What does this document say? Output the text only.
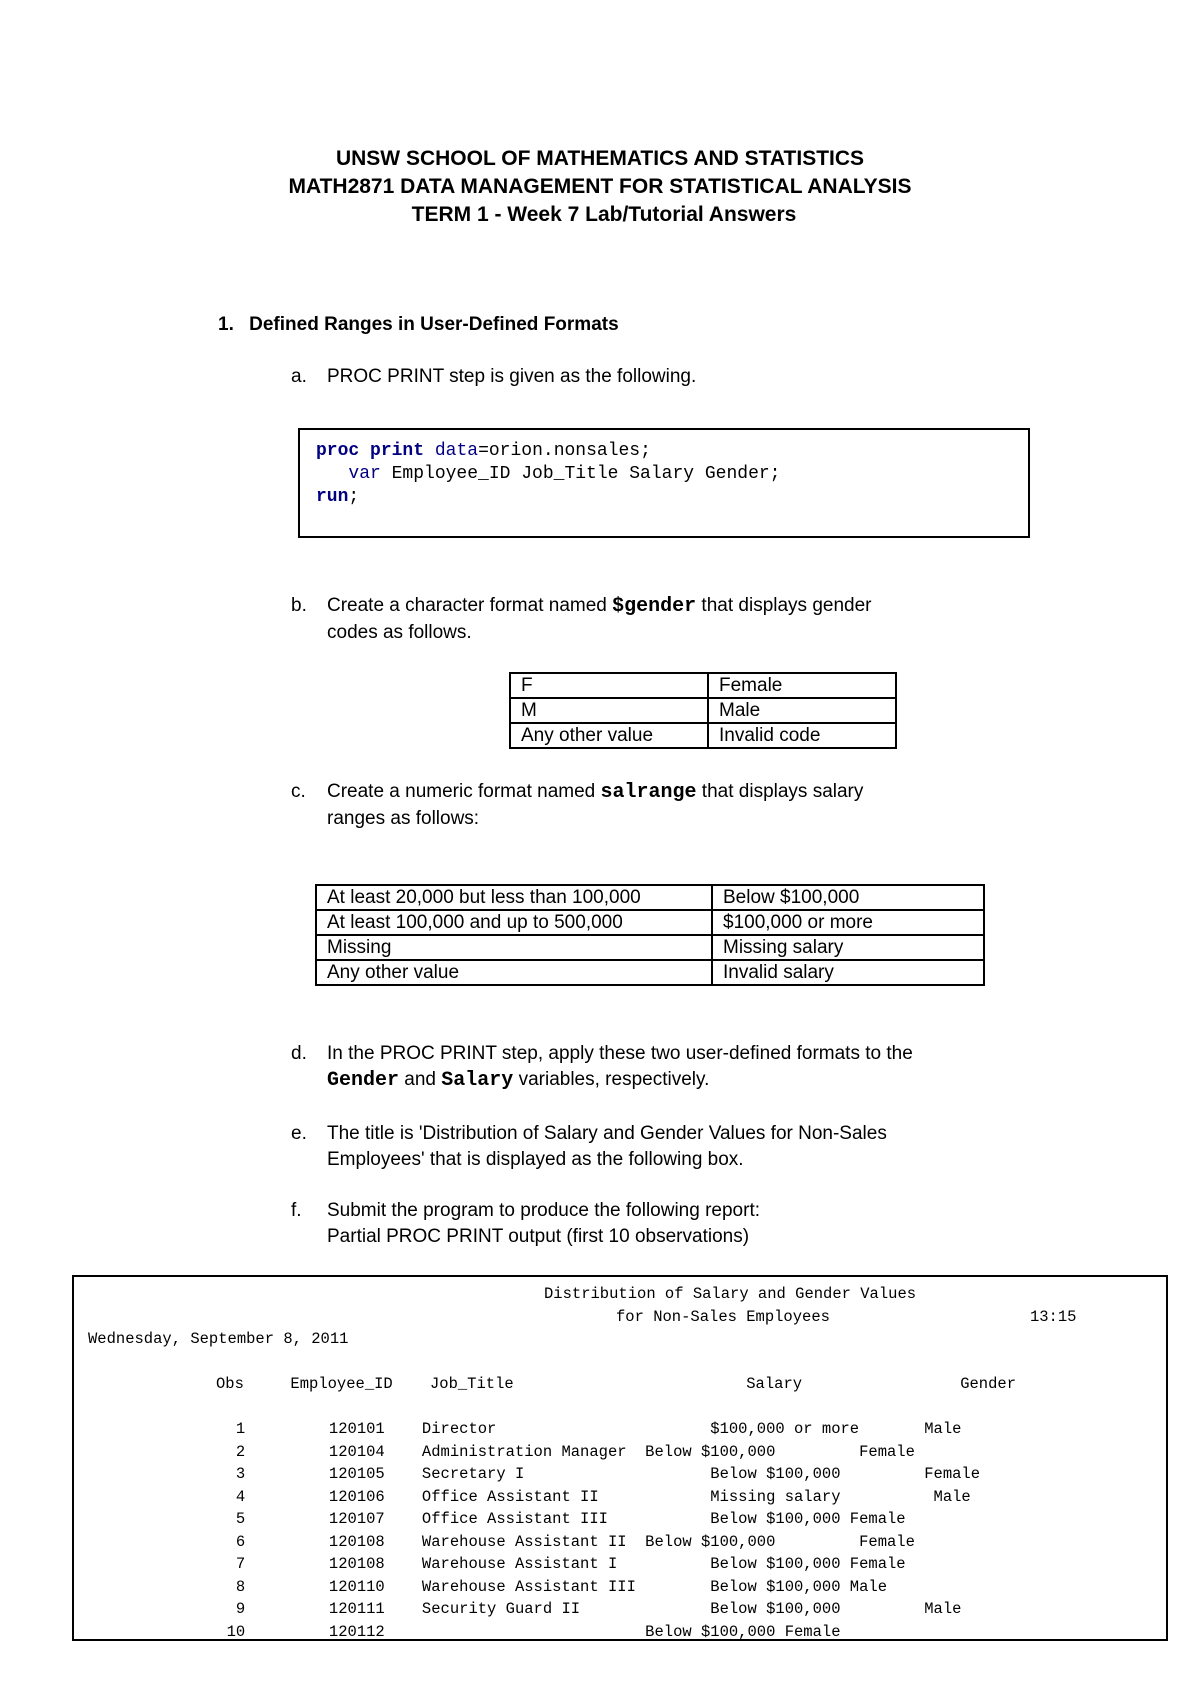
UNSW SCHOOL OF MATHEMATICS AND STATISTICS
MATH2871 DATA MANAGEMENT FOR STATISTICAL ANALYSIS
TERM 1 - Week 7 Lab/Tutorial Answers
1. Defined Ranges in User-Defined Formats
a. PROC PRINT step is given as the following.
proc print data=orion.nonsales;
var Employee_ID Job_Title Salary Gender;
run;
b. Create a character format named $gender that displays gender
codes as follows.
F	Female
M	Male
Any other value	Invalid code
c. Create a numeric format named salrange that displays salary
ranges as follows:
At least 20,000 but less than 100,000	Below $100,000
At least 100,000 and up to 500,000	$100,000 or more
Missing	Missing salary
Any other value	Invalid salary
d. In the PROC PRINT step, apply these two user-defined formats to the
Gender and Salary variables, respectively.
e. The title is 'Distribution of Salary and Gender Values for Non-Sales
Employees' that is displayed as the following box.
f. Submit the program to produce the following report:
Partial PROC PRINT output (first 10 observations)
Distribution of Salary and Gender Values
for Non-Sales Employees	13:15
Wednesday, September 8, 2011

Obs	Employee_ID Job_Title	Salary	Gender

1         120101    Director                       $100,000 or more       Male
2         120104    Administration Manager  Below $100,000         Female
3         120105    Secretary I                    Below $100,000         Female
4         120106    Office Assistant II            Missing salary          Male
5         120107    Office Assistant III           Below $100,000 Female
6         120108    Warehouse Assistant II  Below $100,000         Female
7         120108    Warehouse Assistant I          Below $100,000 Female
8         120110    Warehouse Assistant III        Below $100,000 Male
9         120111    Security Guard II              Below $100,000         Male
10         120112                            Below $100,000 Female
